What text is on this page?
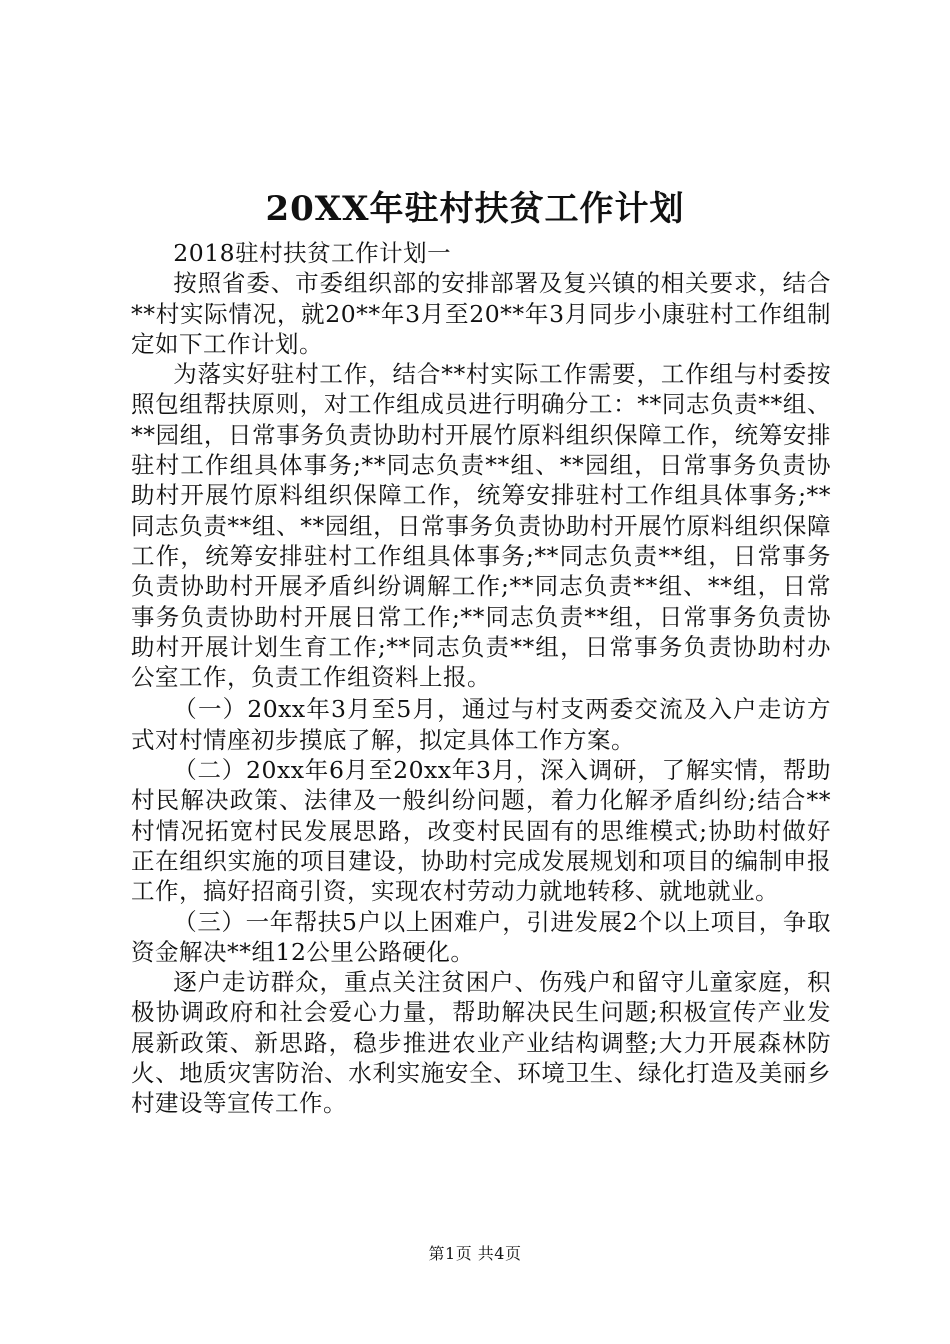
20XX年驻村扶贫工作计划

2018驻村扶贫工作计划一

按照省委、市委组织部的安排部署及复兴镇的相关要求，结合**村实际情况，就20**年3月至20**年3月同步小康驻村工作组制定如下工作计划。

为落实好驻村工作，结合**村实际工作需要，工作组与村委按照包组帮扶原则，对工作组成员进行明确分工：**同志负责**组、**园组，日常事务负责协助村开展竹原料组织保障工作，统筹安排驻村工作组具体事务;**同志负责**组、**园组，日常事务负责协助村开展竹原料组织保障工作，统筹安排驻村工作组具体事务;**同志负责**组、**园组，日常事务负责协助村开展竹原料组织保障工作，统筹安排驻村工作组具体事务;**同志负责**组，日常事务负责协助村开展矛盾纠纷调解工作;**同志负责**组、**组，日常事务负责协助村开展日常工作;**同志负责**组，日常事务负责协助村开展计划生育工作;**同志负责**组，日常事务负责协助村办公室工作，负责工作组资料上报。

（一）20xx年3月至5月，通过与村支两委交流及入户走访方式对村情座初步摸底了解，拟定具体工作方案。

（二）20xx年6月至20xx年3月，深入调研，了解实情，帮助村民解决政策、法律及一般纠纷问题，着力化解矛盾纠纷;结合**村情况拓宽村民发展思路，改变村民固有的思维模式;协助村做好正在组织实施的项目建设，协助村完成发展规划和项目的编制申报工作，搞好招商引资，实现农村劳动力就地转移、就地就业。

（三）一年帮扶5户以上困难户，引进发展2个以上项目，争取资金解决**组12公里公路硬化。

逐户走访群众，重点关注贫困户、伤残户和留守儿童家庭，积极协调政府和社会爱心力量，帮助解决民生问题;积极宣传产业发展新政策、新思路，稳步推进农业产业结构调整;大力开展森林防火、地质灾害防治、水利实施安全、环境卫生、绿化打造及美丽乡村建设等宣传工作。

第1页 共4页
